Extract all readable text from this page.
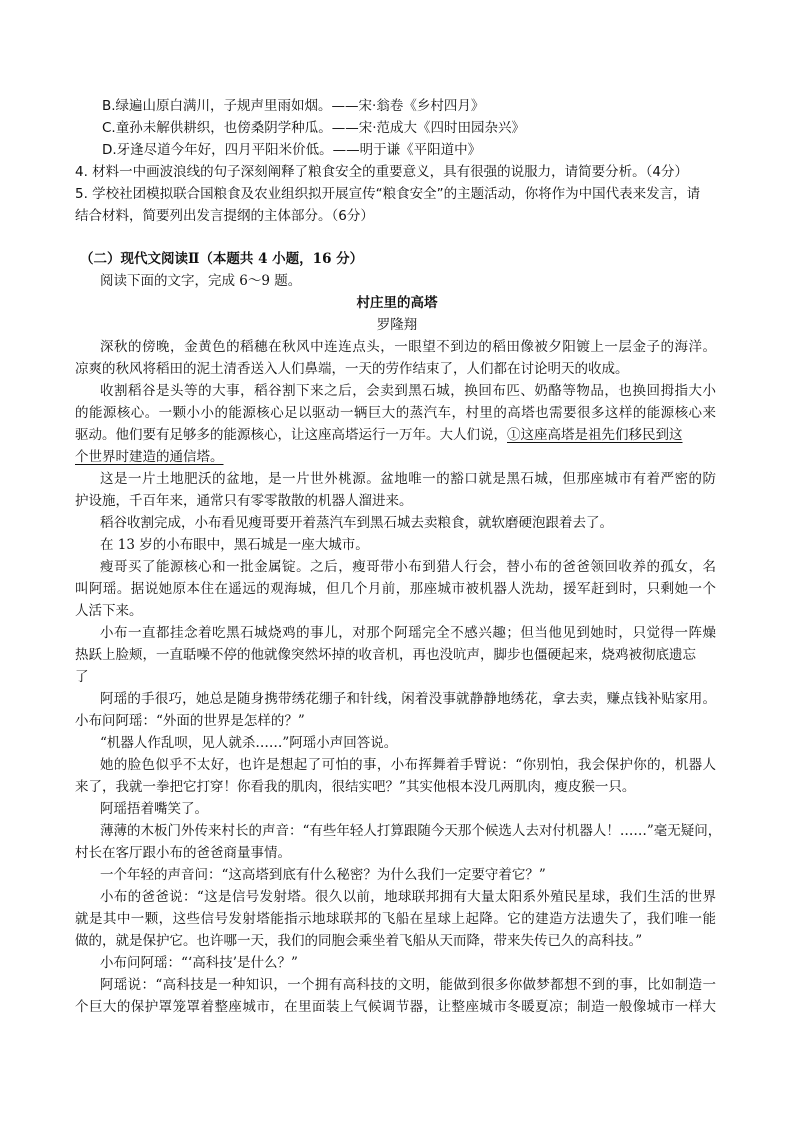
B.绿遍山原白满川，子规声里雨如烟。——宋·翁卷《乡村四月》
C.童孙未解供耕织，也傍桑阴学种瓜。——宋·范成大《四时田园杂兴》
D.牙逢尽道今年好，四月平阳米价低。——明于谦《平阳道中》
4. 材料一中画波浪线的句子深刻阐释了粮食安全的重要意义，具有很强的说服力，请简要分析。（4分）
5. 学校社团模拟联合国粮食及农业组织拟开展宣传“粮食安全”的主题活动，你将作为中国代表来发言，请
结合材料，简要列出发言提纲的主体部分。（6分）
（二）现代文阅读Ⅱ（本题共 4 小题，16 分）
阅读下面的文字，完成 6～9 题。
村庄里的高塔
罗隆翔
深秋的傍晚，金黄色的稻穗在秋风中连连点头，一眼望不到边的稻田像被夕阳镀上一层金子的海洋。
凉爽的秋风将稻田的泥土清香送入人们鼻端，一天的劳作结束了，人们都在讨论明天的收成。
收割稻谷是头等的大事，稻谷割下来之后，会卖到黑石城，换回布匹、奶酪等物品，也换回拇指大小
的能源核心。一颗小小的能源核心足以驱动一辆巨大的蒸汽车，村里的高塔也需要很多这样的能源核心来
驱动。他们要有足够多的能源核心，让这座高塔运行一万年。大人们说，①这座高塔是祖先们移民到这
个世界时建造的通信塔。
这是一片土地肥沃的盆地，是一片世外桃源。盆地唯一的豁口就是黑石城，但那座城市有着严密的防
护设施，千百年来，通常只有零零散散的机器人溜进来。
稻谷收割完成，小布看见瘦哥要开着蒸汽车到黑石城去卖粮食，就软磨硬泡跟着去了。
在 13 岁的小布眼中，黑石城是一座大城市。
瘦哥买了能源核心和一批金属锭。之后，瘦哥带小布到猎人行会，替小布的爸爸领回收养的孤女，名
叫阿瑶。据说她原本住在遥远的观海城，但几个月前，那座城市被机器人洗劫，援军赶到时，只剩她一个
人活下来。
小布一直都挂念着吃黑石城烧鸡的事儿，对那个阿瑶完全不感兴趣；但当他见到她时，只觉得一阵燥
热跃上脸颊，一直聒噪不停的他就像突然坏掉的收音机，再也没吭声，脚步也僵硬起来，烧鸡被彻底遗忘
了
阿瑶的手很巧，她总是随身携带绣花绷子和针线，闲着没事就静静地绣花，拿去卖，赚点钱补贴家用。
小布问阿瑶：“外面的世界是怎样的？”
“机器人作乱呗，见人就杀……”阿瑶小声回答说。
她的脸色似乎不太好，也许是想起了可怕的事，小布挥舞着手臂说：“你别怕，我会保护你的，机器人
来了，我就一拳把它打穿！你看我的肌肉，很结实吧？”其实他根本没几两肌肉，瘦皮猴一只。
阿瑶捂着嘴笑了。
薄薄的木板门外传来村长的声音：“有些年轻人打算跟随今天那个候选人去对付机器人！……”毫无疑问，
村长在客厅跟小布的爸爸商量事情。
一个年轻的声音问：“这高塔到底有什么秘密？为什么我们一定要守着它？”
小布的爸爸说：“这是信号发射塔。很久以前，地球联邦拥有大量太阳系外殖民星球，我们生活的世界
就是其中一颗，这些信号发射塔能指示地球联邦的飞船在星球上起降。它的建造方法遗失了，我们唯一能
做的，就是保护它。也许哪一天，我们的同胞会乘坐着飞船从天而降，带来失传已久的高科技。”
小布问阿瑶：“‘高科技’是什么？”
阿瑶说：“高科技是一种知识，一个拥有高科技的文明，能做到很多你做梦都想不到的事，比如制造一
个巨大的保护罩笼罩着整座城市，在里面装上气候调节器，让整座城市冬暖夏凉；制造一般像城市一样大
